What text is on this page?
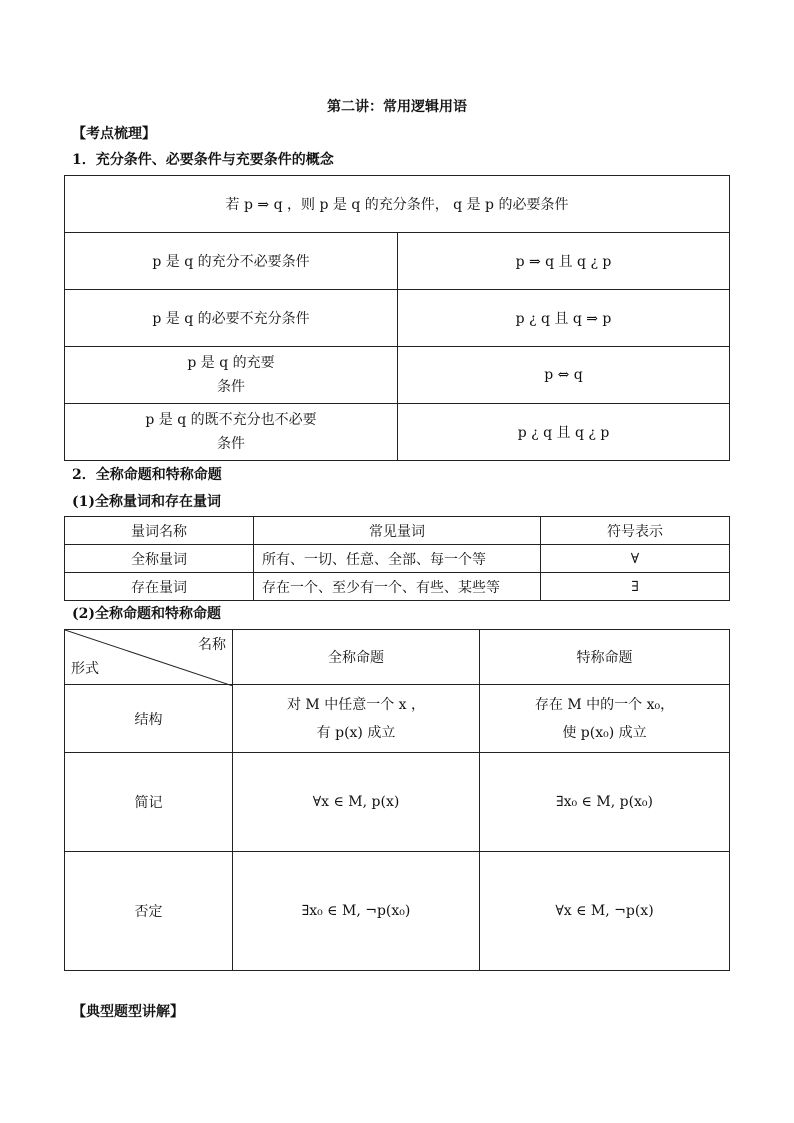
第二讲：常用逻辑用语
【考点梳理】
1．充分条件、必要条件与充要条件的概念
若 p ⇒ q ，则 p 是 q 的充分条件， q 是 p 的必要条件	
p 是 q 的充分不必要条件	p ⇒ q 且 q ¿ p
p 是 q 的必要不充分条件	p ¿ q 且 q ⇒ p

p 是 q 的充要
条件	p ⇔ q

p 是 q 的既不充分也不必要
条件	p ¿ q 且 q ¿ p
2．全称命题和特称命题
(1)全称量词和存在量词
量词名称	常见量词	符号表示
全称量词	所有、一切、任意、全部、每一个等	∀
存在量词	存在一个、至少有一个、有些、某些等	∃
(2)全称命题和特称命题
名称
形式	全称命题	特称命题
结构	对 M 中任意一个 x ，
有 p(x) 成立	存在 M 中的一个 x₀，
使 p(x₀) 成立

简记	∀x ∈ M, p(x)	∃x₀ ∈ M, p(x₀)
否定	∃x₀ ∈ M, ¬p(x₀)	∀x ∈ M, ¬p(x)
【典型题型讲解】
